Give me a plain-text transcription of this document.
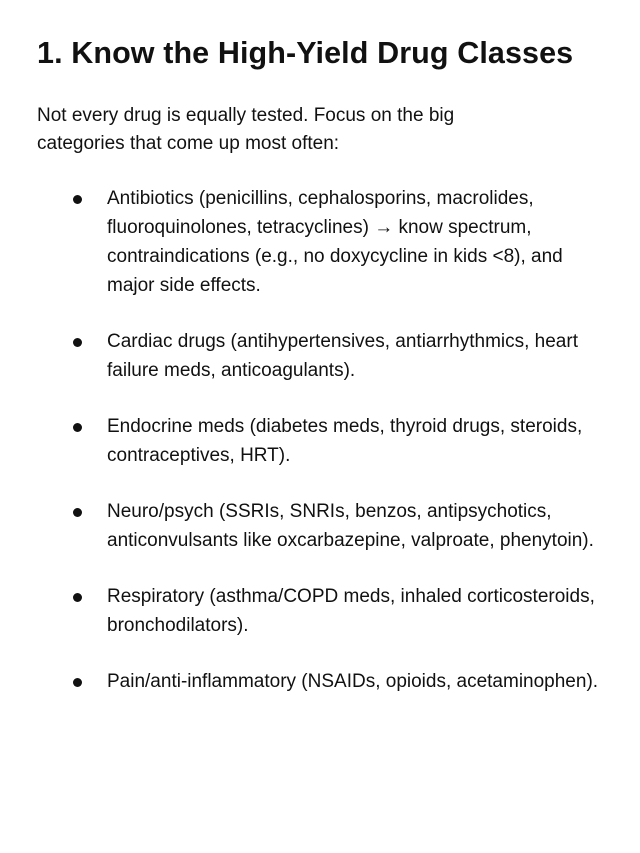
1. Know the High-Yield Drug Classes

Not every drug is equally tested. Focus on the big categories that come up most often:

Antibiotics (penicillins, cephalosporins, macrolides, fluoroquinolones, tetracyclines) → know spectrum, contraindications (e.g., no doxycycline in kids <8), and major side effects.
Cardiac drugs (antihypertensives, antiarrhythmics, heart failure meds, anticoagulants).
Endocrine meds (diabetes meds, thyroid drugs, steroids, contraceptives, HRT).
Neuro/psych (SSRIs, SNRIs, benzos, antipsychotics, anticonvulsants like oxcarbazepine, valproate, phenytoin).
Respiratory (asthma/COPD meds, inhaled corticosteroids, bronchodilators).
Pain/anti-inflammatory (NSAIDs, opioids, acetaminophen).
